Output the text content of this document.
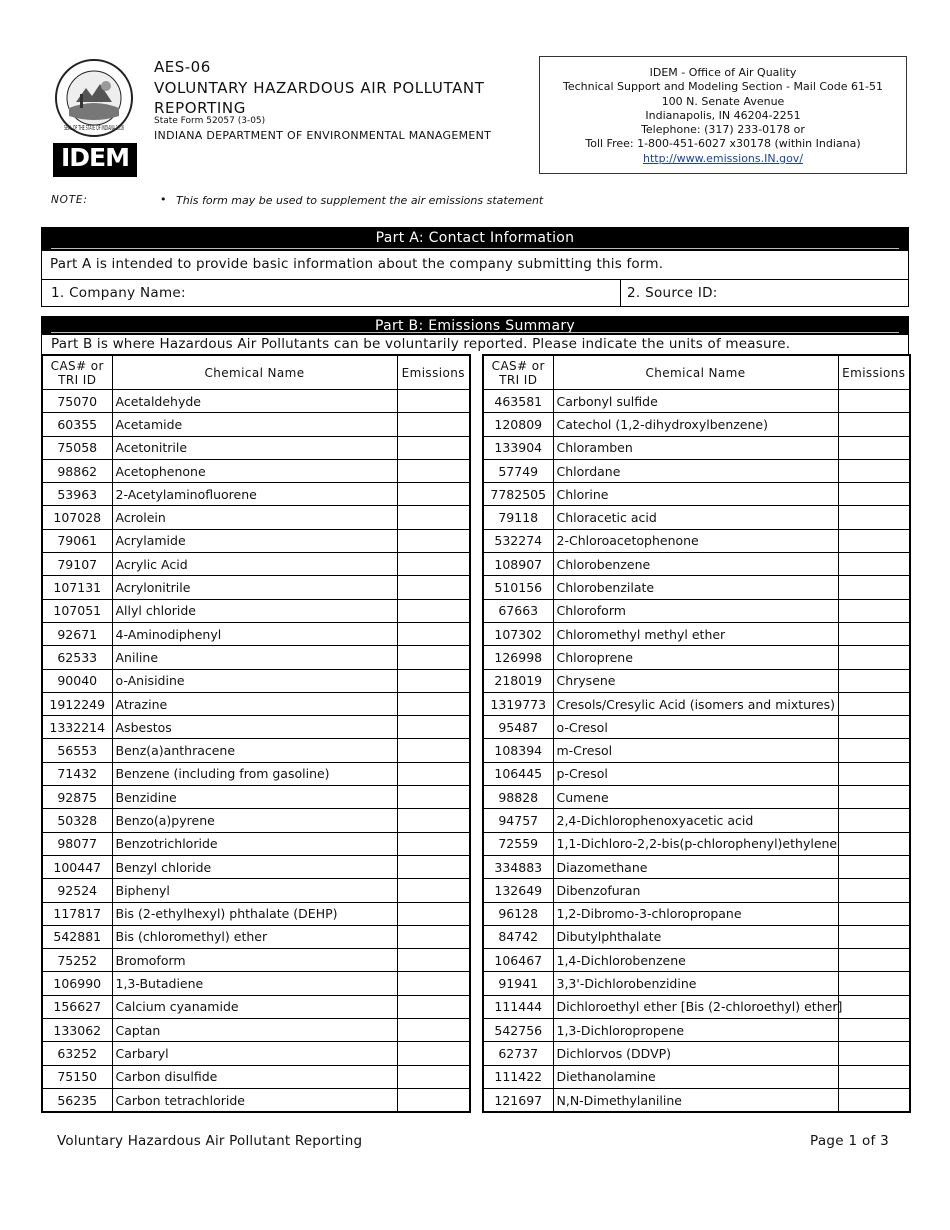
SEAL OF THE STATE OF INDIANA 1816
IDEM
AES-06
VOLUNTARY HAZARDOUS AIR POLLUTANT
REPORTING
State Form 52057 (3-05)
INDIANA DEPARTMENT OF ENVIRONMENTAL MANAGEMENT
IDEM - Office of Air Quality
Technical Support and Modeling Section - Mail Code 61-51
100 N. Senate Avenue
Indianapolis, IN 46204-2251
Telephone: (317) 233-0178 or
Toll Free: 1-800-451-6027 x30178 (within Indiana)
http://www.emissions.IN.gov/
NOTE:	• This form may be used to supplement the air emissions statement
Part A: Contact Information
Part A is intended to provide basic information about the company submitting this form.
1. Company Name:	2. Source ID:
Part B: Emissions Summary
Part B is where Hazardous Air Pollutants can be voluntarily reported. Please indicate the units of measure.
CAS# or
TRI ID	Chemical Name	Emissions
75070	Acetaldehyde	
60355	Acetamide	
75058	Acetonitrile	
98862	Acetophenone	
53963	2-Acetylaminofluorene	
107028	Acrolein	
79061	Acrylamide	
79107	Acrylic Acid	
107131	Acrylonitrile	
107051	Allyl chloride	
92671	4-Aminodiphenyl	
62533	Aniline	
90040	o-Anisidine	
1912249	Atrazine	
1332214	Asbestos	
56553	Benz(a)anthracene	
71432	Benzene (including from gasoline)	
92875	Benzidine	
50328	Benzo(a)pyrene	
98077	Benzotrichloride	
100447	Benzyl chloride	
92524	Biphenyl	
117817	Bis (2-ethylhexyl) phthalate (DEHP)	
542881	Bis (chloromethyl) ether	
75252	Bromoform	
106990	1,3-Butadiene	
156627	Calcium cyanamide	
133062	Captan	
63252	Carbaryl	
75150	Carbon disulfide	
56235	Carbon tetrachloride	
CAS# or
TRI ID	Chemical Name	Emissions
463581	Carbonyl sulfide	
120809	Catechol (1,2-dihydroxylbenzene)	
133904	Chloramben	
57749	Chlordane	
7782505	Chlorine	
79118	Chloracetic acid	
532274	2-Chloroacetophenone	
108907	Chlorobenzene	
510156	Chlorobenzilate	
67663	Chloroform	
107302	Chloromethyl methyl ether	
126998	Chloroprene	
218019	Chrysene	
1319773	Cresols/Cresylic Acid (isomers and mixtures)	
95487	o-Cresol	
108394	m-Cresol	
106445	p-Cresol	
98828	Cumene	
94757	2,4-Dichlorophenoxyacetic acid	
72559	1,1-Dichloro-2,2-bis(p-chlorophenyl)ethylene	
334883	Diazomethane	
132649	Dibenzofuran	
96128	1,2-Dibromo-3-chloropropane	
84742	Dibutylphthalate	
106467	1,4-Dichlorobenzene	
91941	3,3'-Dichlorobenzidine	
111444	Dichloroethyl ether [Bis (2-chloroethyl) ether]	
542756	1,3-Dichloropropene	
62737	Dichlorvos (DDVP)	
111422	Diethanolamine	
121697	N,N-Dimethylaniline	
Voluntary Hazardous Air Pollutant Reporting	Page 1 of 3
